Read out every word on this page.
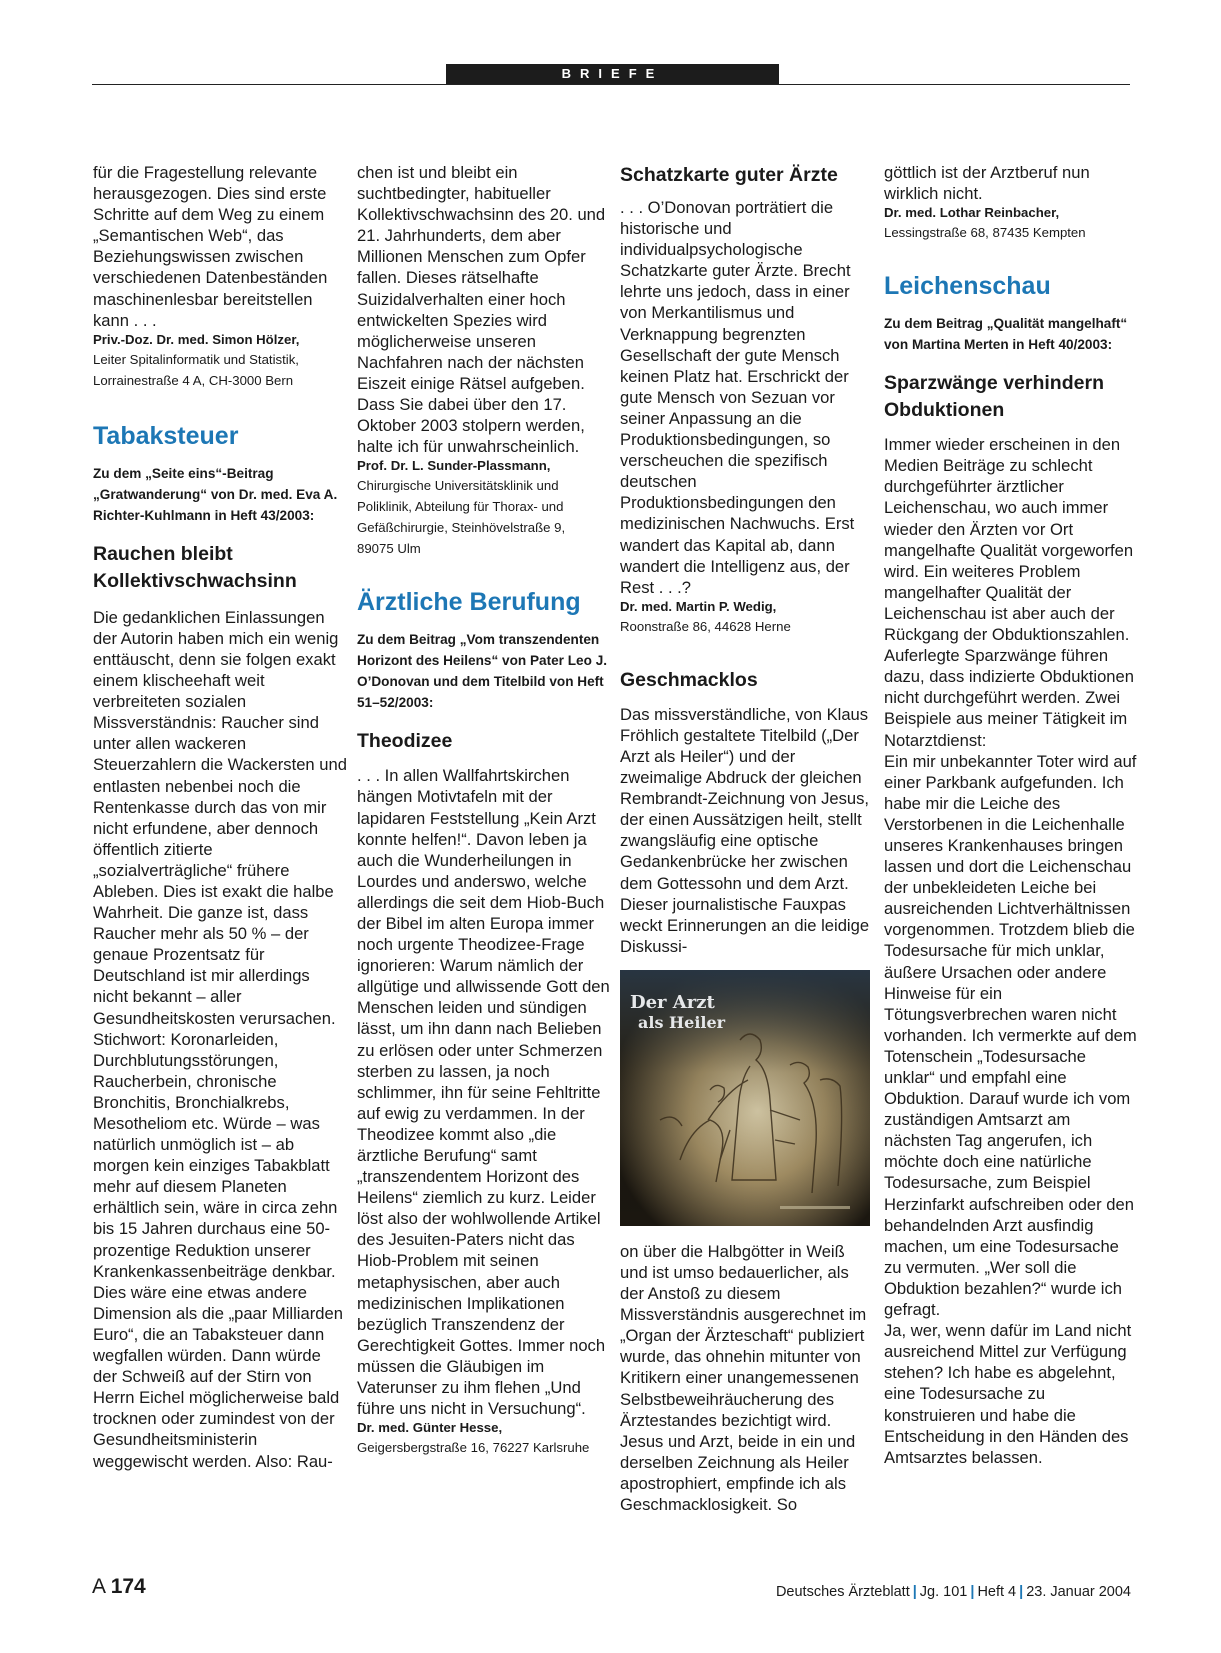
BRIEFE

für die Fragestellung relevante herausgezogen. Dies sind erste Schritte auf dem Weg zu einem „Semantischen Web“, das Beziehungswissen zwischen verschiedenen Datenbeständen maschinenlesbar bereitstellen kann . . .

Priv.-Doz. Dr. med. Simon Hölzer,

Leiter Spitalinformatik und Statistik,

Lorrainestraße 4 A, CH-3000 Bern

Tabaksteuer

Zu dem „Seite eins“-Beitrag „Gratwanderung“ von Dr. med. Eva A. Richter-Kuhlmann in Heft 43/2003:

Rauchen bleibt Kollektivschwachsinn

Die gedanklichen Einlassungen der Autorin haben mich ein wenig enttäuscht, denn sie folgen exakt einem klischeehaft weit verbreiteten sozialen Missverständnis: Raucher sind unter allen wackeren Steuerzahlern die Wackersten und entlasten nebenbei noch die Rentenkasse durch das von mir nicht erfundene, aber dennoch öffentlich zitierte „sozialverträgliche“ frühere Ableben. Dies ist exakt die halbe Wahrheit. Die ganze ist, dass Raucher mehr als 50 % – der genaue Prozentsatz für Deutschland ist mir allerdings nicht bekannt – aller Gesundheitskosten verursachen. Stichwort: Koronarleiden, Durchblutungsstörungen, Raucherbein, chronische Bronchitis, Bronchialkrebs, Mesotheliom etc. Würde – was natürlich unmöglich ist – ab morgen kein einziges Tabakblatt mehr auf diesem Planeten erhältlich sein, wäre in circa zehn bis 15 Jahren durchaus eine 50-prozentige Reduktion unserer Krankenkassenbeiträge denkbar. Dies wäre eine etwas andere Dimension als die „paar Milliarden Euro“, die an Tabaksteuer dann wegfallen würden. Dann würde der Schweiß auf der Stirn von Herrn Eichel möglicherweise bald trocknen oder zumindest von der Gesundheitsministerin weggewischt werden. Also: Rau-

chen ist und bleibt ein suchtbedingter, habitueller Kollektivschwachsinn des 20. und 21. Jahrhunderts, dem aber Millionen Menschen zum Opfer fallen. Dieses rätselhafte Suizidalverhalten einer hoch entwickelten Spezies wird möglicherweise unseren Nachfahren nach der nächsten Eiszeit einige Rätsel aufgeben. Dass Sie dabei über den 17. Oktober 2003 stolpern werden, halte ich für unwahrscheinlich.

Prof. Dr. L. Sunder-Plassmann,

Chirurgische Universitätsklinik und

Poliklinik, Abteilung für Thorax- und

Gefäßchirurgie, Steinhövelstraße 9,

89075 Ulm

Ärztliche Berufung

Zu dem Beitrag „Vom transzendenten Horizont des Heilens“ von Pater Leo J. O’Donovan und dem Titelbild von Heft 51–52/2003:

Theodizee

. . . In allen Wallfahrtskirchen hängen Motivtafeln mit der lapidaren Feststellung „Kein Arzt konnte helfen!“. Davon leben ja auch die Wunderheilungen in Lourdes und anderswo, welche allerdings die seit dem Hiob-Buch der Bibel im alten Europa immer noch urgente Theodizee-Frage ignorieren: Warum nämlich der allgütige und allwissende Gott den Menschen leiden und sündigen lässt, um ihn dann nach Belieben zu erlösen oder unter Schmerzen sterben zu lassen, ja noch schlimmer, ihn für seine Fehltritte auf ewig zu verdammen. In der Theodizee kommt also „die ärztliche Berufung“ samt „transzendentem Horizont des Heilens“ ziemlich zu kurz. Leider löst also der wohlwollende Artikel des Jesuiten-Paters nicht das Hiob-Problem mit seinen metaphysischen, aber auch medizinischen Implikationen bezüglich Transzendenz der Gerechtigkeit Gottes. Immer noch müssen die Gläubigen im Vaterunser zu ihm flehen „Und führe uns nicht in Versuchung“.

Dr. med. Günter Hesse,

Geigersbergstraße 16, 76227 Karlsruhe

Schatzkarte guter Ärzte

. . . O’Donovan porträtiert die historische und individualpsychologische Schatzkarte guter Ärzte. Brecht lehrte uns jedoch, dass in einer von Merkantilismus und Verknappung begrenzten Gesellschaft der gute Mensch keinen Platz hat. Erschrickt der gute Mensch von Sezuan vor seiner Anpassung an die Produktionsbedingungen, so verscheuchen die spezifisch deutschen Produktionsbedingungen den medizinischen Nachwuchs. Erst wandert das Kapital ab, dann wandert die Intelligenz aus, der Rest . . .?

Dr. med. Martin P. Wedig,

Roonstraße 86, 44628 Herne

Geschmacklos

Das missverständliche, von Klaus Fröhlich gestaltete Titelbild („Der Arzt als Heiler“) und der zweimalige Abdruck der gleichen Rembrandt-Zeichnung von Jesus, der einen Aussätzigen heilt, stellt zwangsläufig eine optische Gedankenbrücke her zwischen dem Gottessohn und dem Arzt. Dieser journalistische Fauxpas weckt Erinnerungen an die leidige Diskussi-

Der Arzt
als Heiler

on über die Halbgötter in Weiß und ist umso bedauerlicher, als der Anstoß zu diesem Missverständnis ausgerechnet im „Organ der Ärzteschaft“ publiziert wurde, das ohnehin mitunter von Kritikern einer unangemessenen Selbstbeweihräucherung des Ärztestandes bezichtigt wird. Jesus und Arzt, beide in ein und derselben Zeichnung als Heiler apostrophiert, empfinde ich als Geschmacklosigkeit. So

göttlich ist der Arztberuf nun wirklich nicht.

Dr. med. Lothar Reinbacher,

Lessingstraße 68, 87435 Kempten

Leichenschau

Zu dem Beitrag „Qualität mangelhaft“ von Martina Merten in Heft 40/2003:

Sparzwänge verhindern Obduktionen

Immer wieder erscheinen in den Medien Beiträge zu schlecht durchgeführter ärztlicher Leichenschau, wo auch immer wieder den Ärzten vor Ort mangelhafte Qualität vorgeworfen wird. Ein weiteres Problem mangelhafter Qualität der Leichenschau ist aber auch der Rückgang der Obduktionszahlen. Auferlegte Sparzwänge führen dazu, dass indizierte Obduktionen nicht durchgeführt werden. Zwei Beispiele aus meiner Tätigkeit im Notarztdienst:

Ein mir unbekannter Toter wird auf einer Parkbank aufgefunden. Ich habe mir die Leiche des Verstorbenen in die Leichenhalle unseres Krankenhauses bringen lassen und dort die Leichenschau der unbekleideten Leiche bei ausreichenden Lichtverhältnissen vorgenommen. Trotzdem blieb die Todesursache für mich unklar, äußere Ursachen oder andere Hinweise für ein Tötungsverbrechen waren nicht vorhanden. Ich vermerkte auf dem Totenschein „Todesursache unklar“ und empfahl eine Obduktion. Darauf wurde ich vom zuständigen Amtsarzt am nächsten Tag angerufen, ich möchte doch eine natürliche Todesursache, zum Beispiel Herzinfarkt aufschreiben oder den behandelnden Arzt ausfindig machen, um eine Todesursache zu vermuten. „Wer soll die Obduktion bezahlen?“ wurde ich gefragt.

Ja, wer, wenn dafür im Land nicht ausreichend Mittel zur Verfügung stehen? Ich habe es abgelehnt, eine Todesursache zu konstruieren und habe die Entscheidung in den Händen des Amtsarztes belassen.

A 174	Deutsches Ärzteblatt | Jg. 101 | Heft 4 | 23. Januar 2004
